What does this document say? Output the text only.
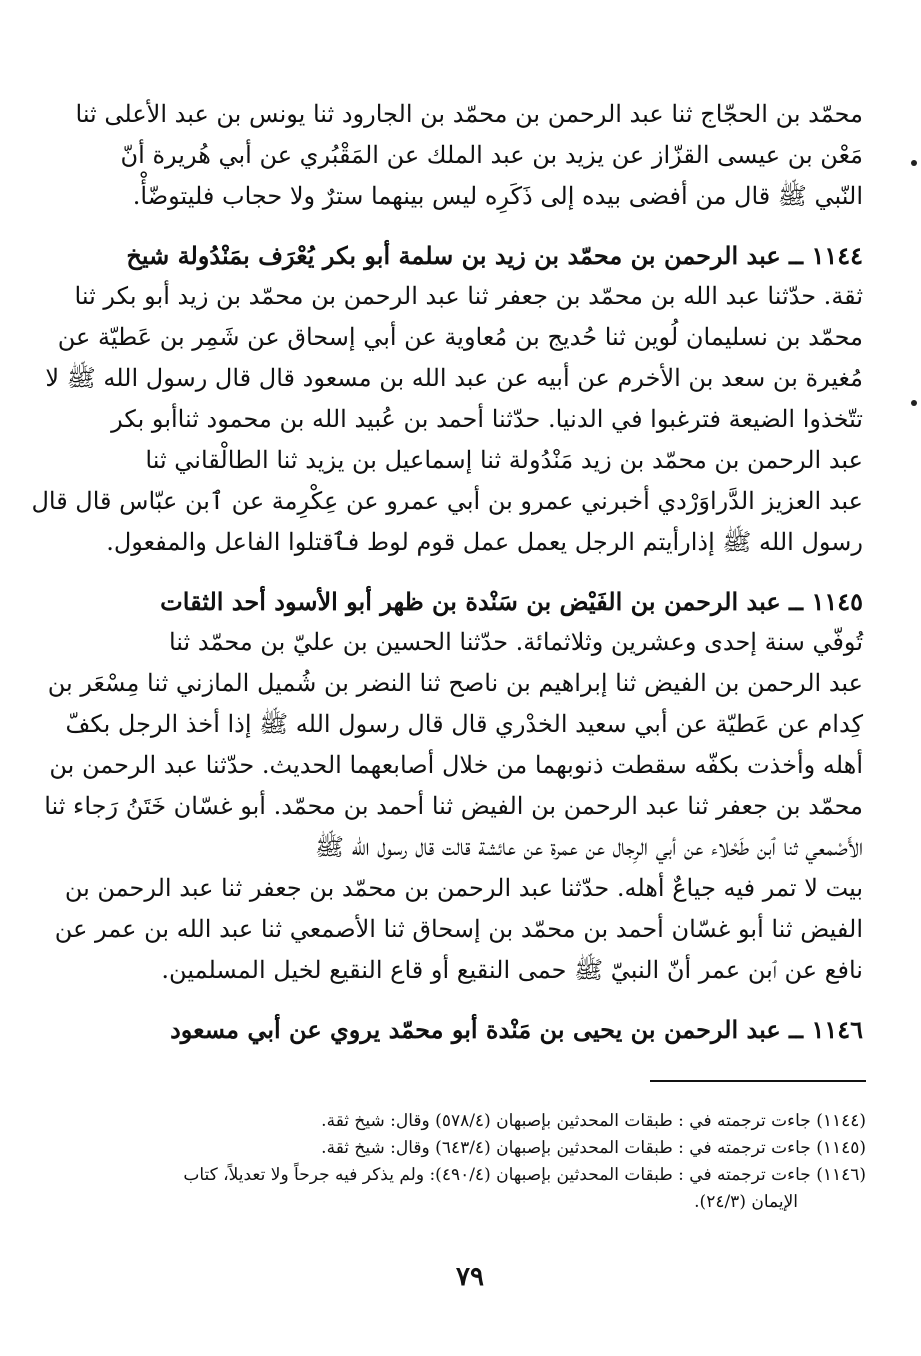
محمّد بن الحجّاج ثنا عبد الرحمن بن محمّد بن الجارود ثنا يونس بن عبد الأعلى ثنا
مَعْن بن عيسى القزّاز عن يزيد بن عبد الملك عن المَقْبُري عن أبي هُريرة أنّ
النّبي ﷺ قال من أفضى بيده إلى ذَكَرِه ليس بينهما سترٌ ولا حجاب فليتوضّأْ.
١١٤٤ ــ عبد الرحمن بن محمّد بن زيد بن سلمة أبو بكر يُعْرَف بمَنْدُولة شيخ
ثقة. حدّثنا عبد الله بن محمّد بن جعفر ثنا عبد الرحمن بن محمّد بن زيد أبو بكر ثنا
محمّد بن نسليمان لُوين ثنا حُديج بن مُعاوية عن أبي إسحاق عن شَمِر بن عَطيّة عن
مُغيرة بن سعد بن الأخرم عن أبيه عن عبد الله بن مسعود قال قال رسول الله ﷺ لا
تتّخذوا الضيعة فترغبوا في الدنيا. حدّثنا أحمد بن عُبيد الله بن محمود ثناأبو بكر
عبد الرحمن بن محمّد بن زيد مَنْدُولة ثنا إسماعيل بن يزيد ثنا الطالْقاني ثنا
عبد العزيز الدَّراوَرْدي أخبرني عمرو بن أبي عمرو عن عِكْرِمة عن ٱبن عبّاس قال قال
رسول الله ﷺ إذارأيتم الرجل يعمل عمل قوم لوط فٱقتلوا الفاعل والمفعول.
١١٤٥ ــ عبد الرحمن بن الفَيْض بن سَنْدة بن ظهر أبو الأسود أحد الثقات
تُوفّي سنة إحدى وعشرين وثلاثمائة. حدّثنا الحسين بن عليّ بن محمّد ثنا
عبد الرحمن بن الفيض ثنا إبراهيم بن ناصح ثنا النضر بن شُميل المازني ثنا مِسْعَر بن
كِدام عن عَطيّة عن أبي سعيد الخدْري قال قال رسول الله ﷺ إذا أخذ الرجل بكفّ
أهله وأخذت بكفّه سقطت ذنوبهما من خلال أصابعهما الحديث. حدّثنا عبد الرحمن بن
محمّد بن جعفر ثنا عبد الرحمن بن الفيض ثنا أحمد بن محمّد. أبو غسّان خَتَنُ رَجاء ثنا
الأَصْمعي ثنا ٱبن طَحْلاء عن أبي الرِجال عن عمرة عن عائشة قالت قال رسول الله ﷺ
بيت لا تمر فيه جياعٌ أهله. حدّثنا عبد الرحمن بن محمّد بن جعفر ثنا عبد الرحمن بن
الفيض ثنا أبو غسّان أحمد بن محمّد بن إسحاق ثنا الأصمعي ثنا عبد الله بن عمر عن
نافع عن ٱبن عمر أنّ النبيّ ﷺ حمى النقيع أو قاع النقيع لخيل المسلمين.
١١٤٦ ــ عبد الرحمن بن يحيى بن مَنْدة أبو محمّد يروي عن أبي مسعود
(١١٤٤) جاءت ترجمته في : طبقات المحدثين بإصبهان (٥٧٨/٤) وقال: شيخ ثقة.
(١١٤٥) جاءت ترجمته في : طبقات المحدثين بإصبهان (٦٤٣/٤) وقال: شيخ ثقة.
(١١٤٦) جاءت ترجمته في : طبقات المحدثين بإصبهان (٤٩٠/٤): ولم يذكر فيه جرحاً ولا تعديلاً، كتاب
الإيمان (٢٤/٣).
٧٩
